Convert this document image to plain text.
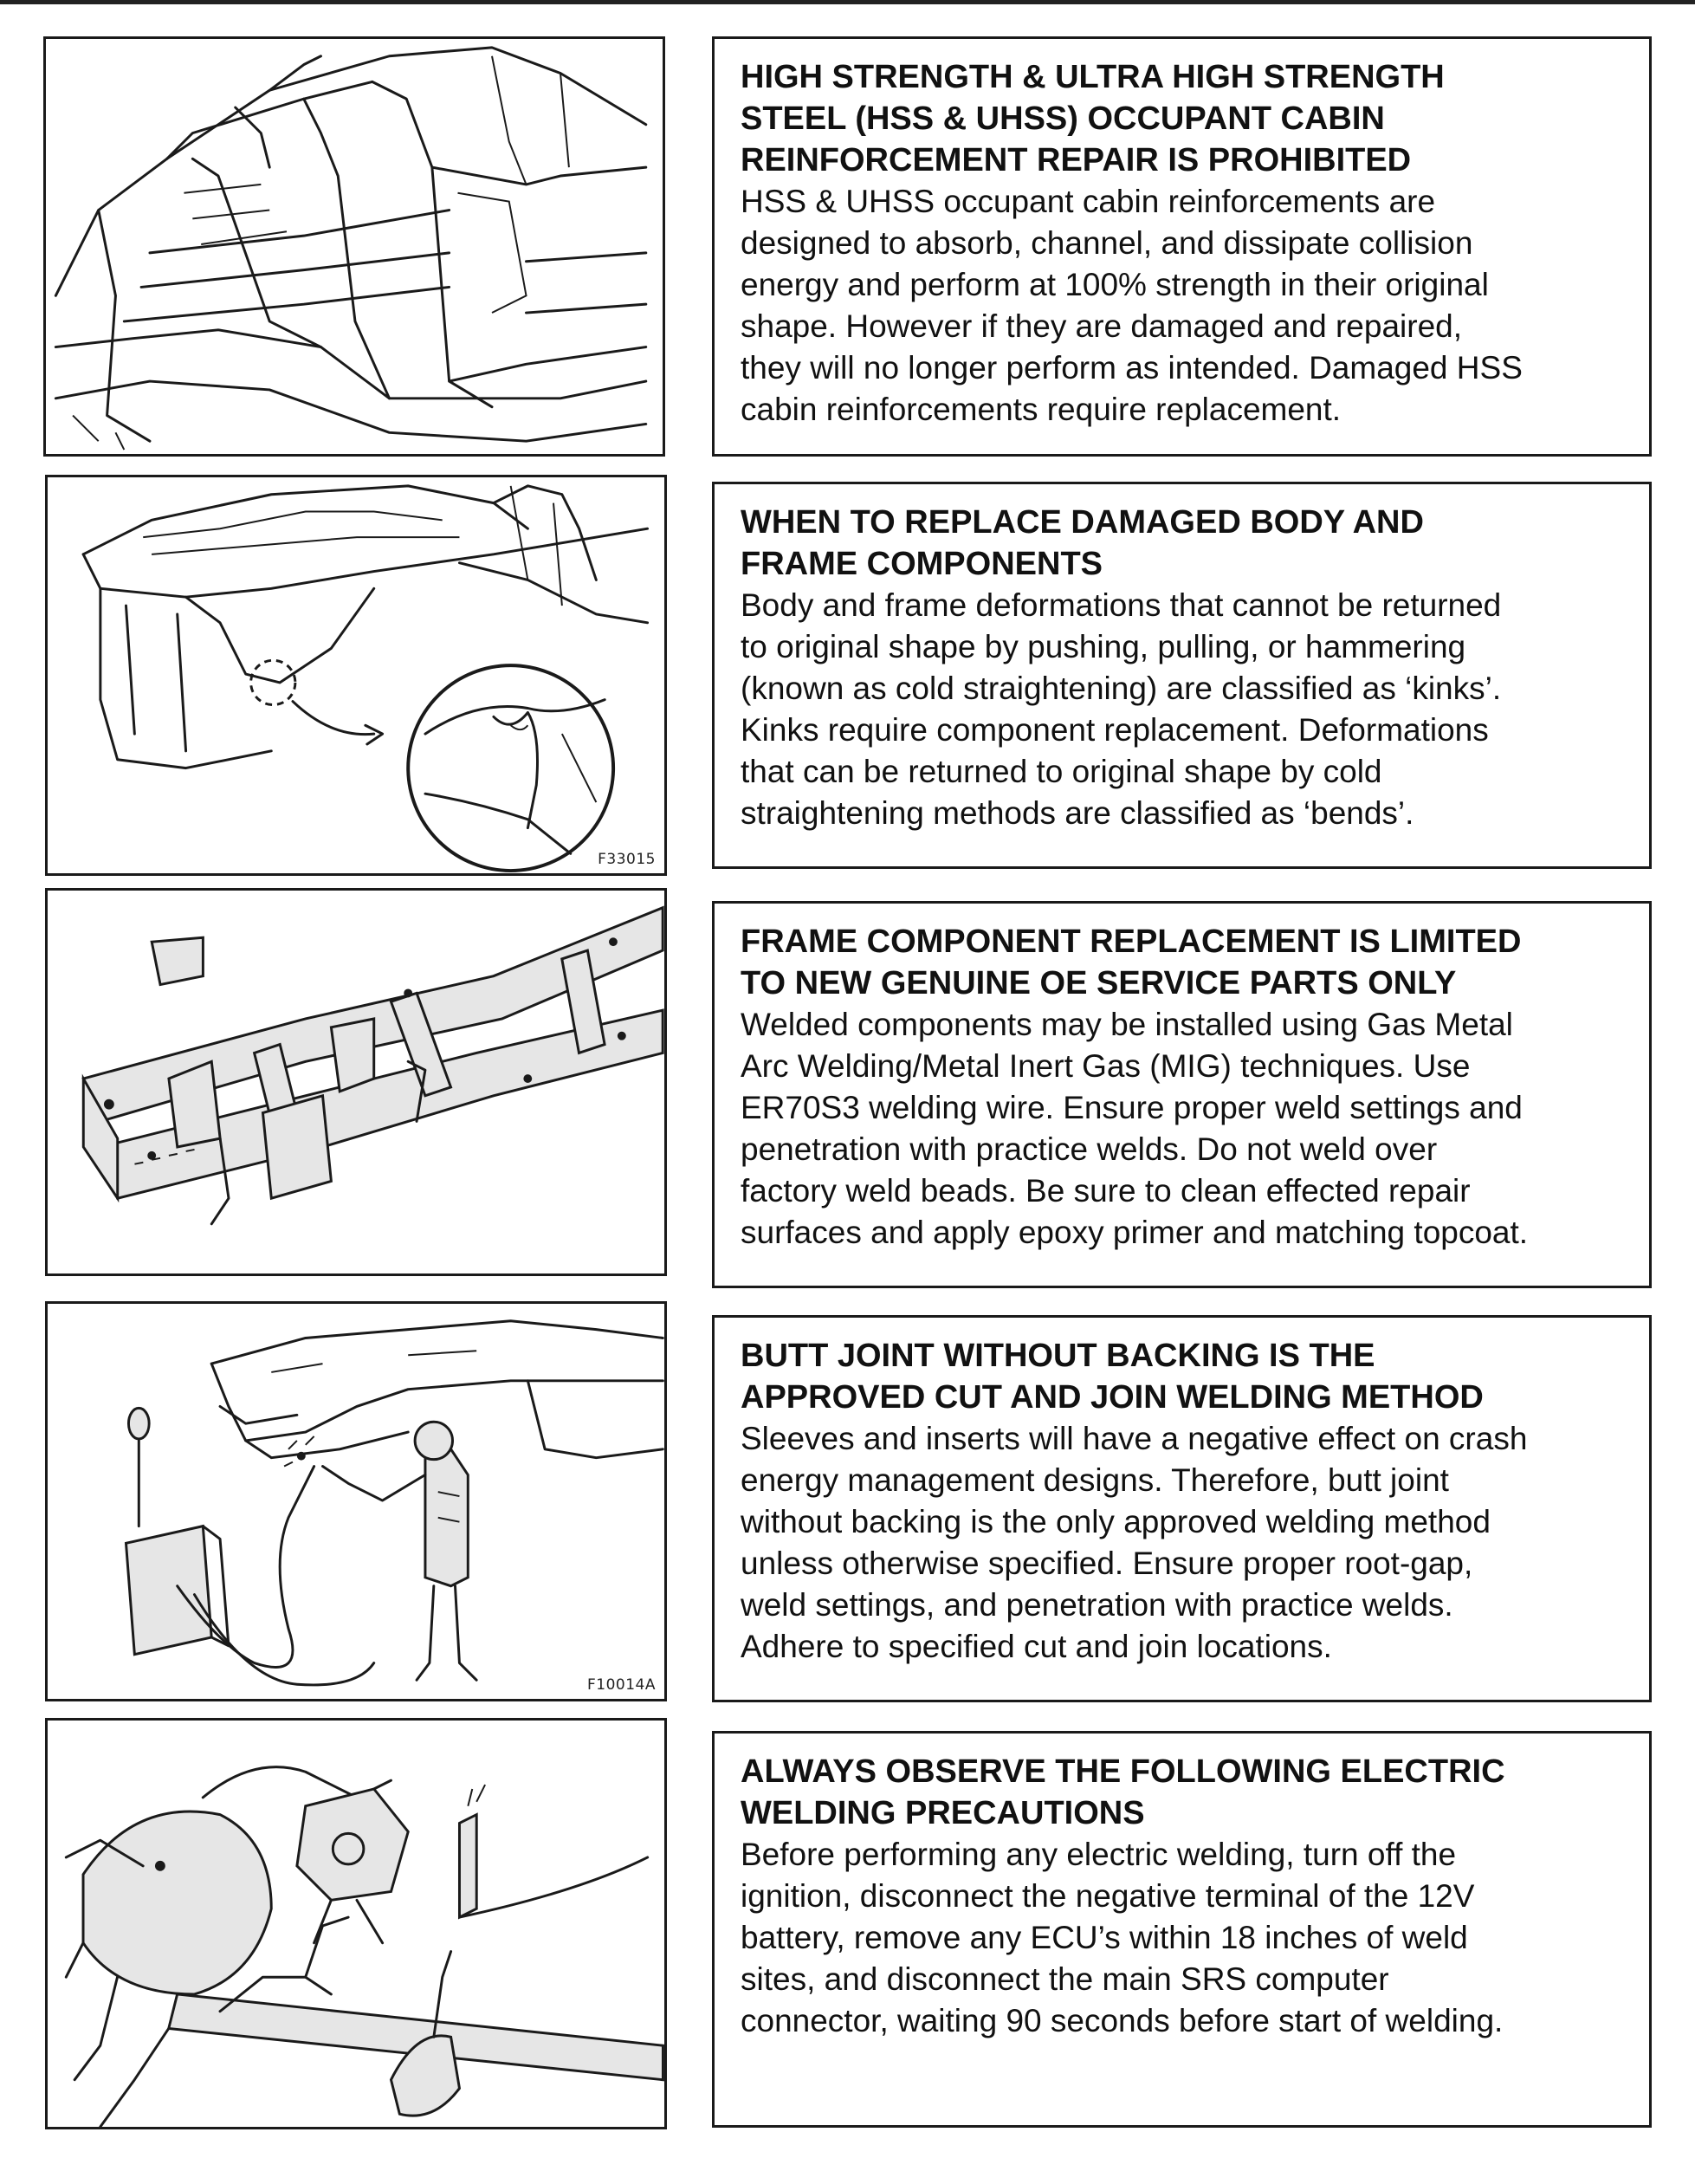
HIGH STRENGTH & ULTRA HIGH STRENGTH
STEEL (HSS & UHSS) OCCUPANT CABIN
REINFORCEMENT REPAIR IS PROHIBITED

HSS & UHSS occupant cabin reinforcements are
designed to absorb, channel, and dissipate collision
energy and perform at 100% strength in their original
shape. However if they are damaged and repaired,
they will no longer perform as intended. Damaged HSS
cabin reinforcements require replacement.

F33015
WHEN TO REPLACE DAMAGED BODY AND
FRAME COMPONENTS

Body and frame deformations that cannot be returned
to original shape by pushing, pulling, or hammering
(known as cold straightening) are classified as ‘kinks’.
Kinks require component replacement. Deformations
that can be returned to original shape by cold
straightening methods are classified as ‘bends’.

FRAME COMPONENT REPLACEMENT IS LIMITED
TO NEW GENUINE OE SERVICE PARTS ONLY

Welded components may be installed using Gas Metal
Arc Welding/Metal Inert Gas (MIG) techniques. Use
ER70S3 welding wire. Ensure proper weld settings and
penetration with practice welds. Do not weld over
factory weld beads. Be sure to clean effected repair
surfaces and apply epoxy primer and matching topcoat.

F10014A
BUTT JOINT WITHOUT BACKING IS THE
APPROVED CUT AND JOIN WELDING METHOD

Sleeves and inserts will have a negative effect on crash
energy management designs. Therefore, butt joint
without backing is the only approved welding method
unless otherwise specified. Ensure proper root-gap,
weld settings, and penetration with practice welds.
Adhere to specified cut and join locations.

ALWAYS OBSERVE THE FOLLOWING ELECTRIC
WELDING PRECAUTIONS

Before performing any electric welding, turn off the
ignition, disconnect the negative terminal of the 12V
battery, remove any ECU’s within 18 inches of weld
sites, and disconnect the main SRS computer
connector, waiting 90 seconds before start of welding.
